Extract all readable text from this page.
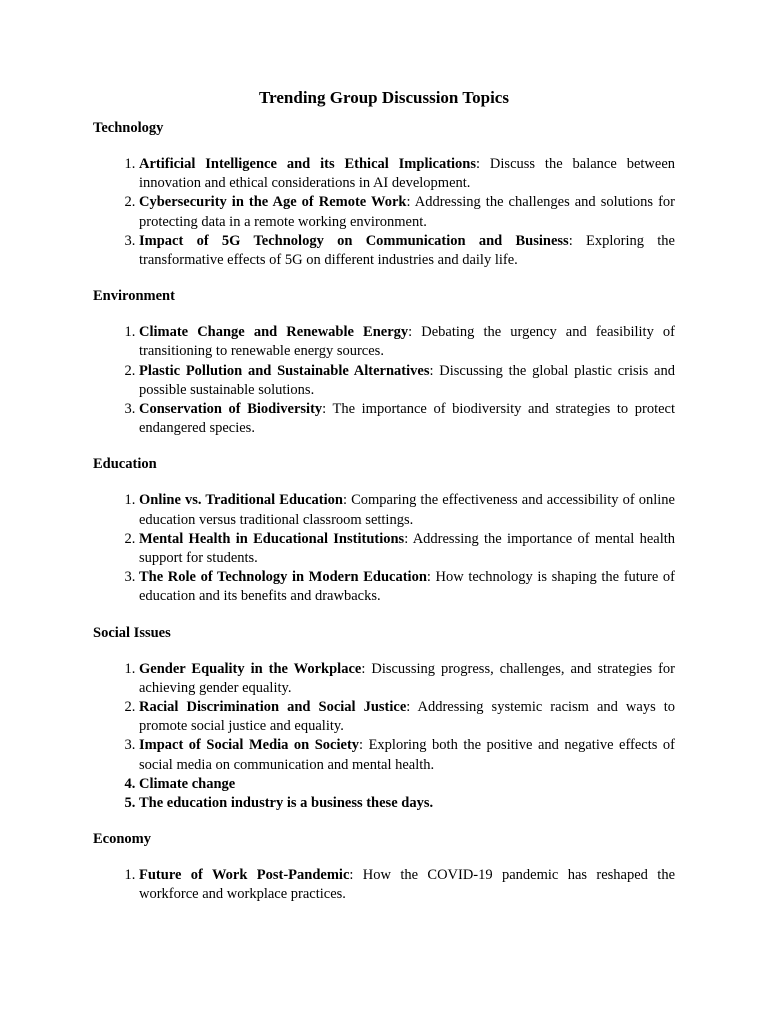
Trending Group Discussion Topics
Technology
1. Artificial Intelligence and its Ethical Implications: Discuss the balance between innovation and ethical considerations in AI development.
2. Cybersecurity in the Age of Remote Work: Addressing the challenges and solutions for protecting data in a remote working environment.
3. Impact of 5G Technology on Communication and Business: Exploring the transformative effects of 5G on different industries and daily life.
Environment
1. Climate Change and Renewable Energy: Debating the urgency and feasibility of transitioning to renewable energy sources.
2. Plastic Pollution and Sustainable Alternatives: Discussing the global plastic crisis and possible sustainable solutions.
3. Conservation of Biodiversity: The importance of biodiversity and strategies to protect endangered species.
Education
1. Online vs. Traditional Education: Comparing the effectiveness and accessibility of online education versus traditional classroom settings.
2. Mental Health in Educational Institutions: Addressing the importance of mental health support for students.
3. The Role of Technology in Modern Education: How technology is shaping the future of education and its benefits and drawbacks.
Social Issues
1. Gender Equality in the Workplace: Discussing progress, challenges, and strategies for achieving gender equality.
2. Racial Discrimination and Social Justice: Addressing systemic racism and ways to promote social justice and equality.
3. Impact of Social Media on Society: Exploring both the positive and negative effects of social media on communication and mental health.
4. Climate change
5. The education industry is a business these days.
Economy
1. Future of Work Post-Pandemic: How the COVID-19 pandemic has reshaped the workforce and workplace practices.
